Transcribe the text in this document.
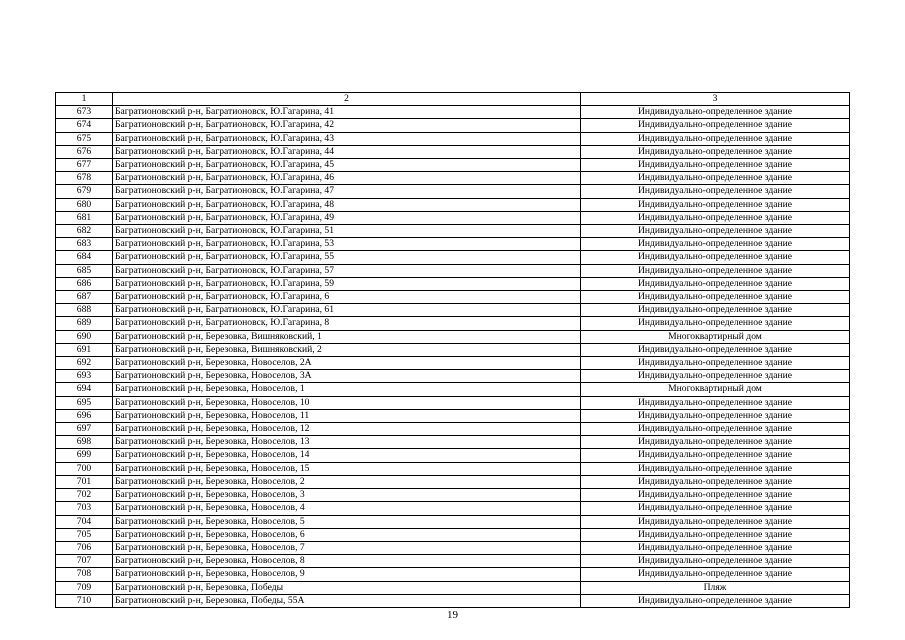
1	2	3
673	Багратионовский р-н, Багратионовск, Ю.Гагарина, 41	Индивидуально-определенное здание
674	Багратионовский р-н, Багратионовск, Ю.Гагарина, 42	Индивидуально-определенное здание
675	Багратионовский р-н, Багратионовск, Ю.Гагарина, 43	Индивидуально-определенное здание
676	Багратионовский р-н, Багратионовск, Ю.Гагарина, 44	Индивидуально-определенное здание
677	Багратионовский р-н, Багратионовск, Ю.Гагарина, 45	Индивидуально-определенное здание
678	Багратионовский р-н, Багратионовск, Ю.Гагарина, 46	Индивидуально-определенное здание
679	Багратионовский р-н, Багратионовск, Ю.Гагарина, 47	Индивидуально-определенное здание
680	Багратионовский р-н, Багратионовск, Ю.Гагарина, 48	Индивидуально-определенное здание
681	Багратионовский р-н, Багратионовск, Ю.Гагарина, 49	Индивидуально-определенное здание
682	Багратионовский р-н, Багратионовск, Ю.Гагарина, 51	Индивидуально-определенное здание
683	Багратионовский р-н, Багратионовск, Ю.Гагарина, 53	Индивидуально-определенное здание
684	Багратионовский р-н, Багратионовск, Ю.Гагарина, 55	Индивидуально-определенное здание
685	Багратионовский р-н, Багратионовск, Ю.Гагарина, 57	Индивидуально-определенное здание
686	Багратионовский р-н, Багратионовск, Ю.Гагарина, 59	Индивидуально-определенное здание
687	Багратионовский р-н, Багратионовск, Ю.Гагарина, 6	Индивидуально-определенное здание
688	Багратионовский р-н, Багратионовск, Ю.Гагарина, 61	Индивидуально-определенное здание
689	Багратионовский р-н, Багратионовск, Ю.Гагарина, 8	Индивидуально-определенное здание
690	Багратионовский р-н, Березовка, Вишняковский, 1	Многоквартирный дом
691	Багратионовский р-н, Березовка, Вишняковский, 2	Индивидуально-определенное здание
692	Багратионовский р-н, Березовка, Новоселов, 2А	Индивидуально-определенное здание
693	Багратионовский р-н, Березовка, Новоселов, 3А	Индивидуально-определенное здание
694	Багратионовский р-н, Березовка, Новоселов, 1	Многоквартирный дом
695	Багратионовский р-н, Березовка, Новоселов, 10	Индивидуально-определенное здание
696	Багратионовский р-н, Березовка, Новоселов, 11	Индивидуально-определенное здание
697	Багратионовский р-н, Березовка, Новоселов, 12	Индивидуально-определенное здание
698	Багратионовский р-н, Березовка, Новоселов, 13	Индивидуально-определенное здание
699	Багратионовский р-н, Березовка, Новоселов, 14	Индивидуально-определенное здание
700	Багратионовский р-н, Березовка, Новоселов, 15	Индивидуально-определенное здание
701	Багратионовский р-н, Березовка, Новоселов, 2	Индивидуально-определенное здание
702	Багратионовский р-н, Березовка, Новоселов, 3	Индивидуально-определенное здание
703	Багратионовский р-н, Березовка, Новоселов, 4	Индивидуально-определенное здание
704	Багратионовский р-н, Березовка, Новоселов, 5	Индивидуально-определенное здание
705	Багратионовский р-н, Березовка, Новоселов, 6	Индивидуально-определенное здание
706	Багратионовский р-н, Березовка, Новоселов, 7	Индивидуально-определенное здание
707	Багратионовский р-н, Березовка, Новоселов, 8	Индивидуально-определенное здание
708	Багратионовский р-н, Березовка, Новоселов, 9	Индивидуально-определенное здание
709	Багратионовский р-н, Березовка, Победы	Пляж
710	Багратионовский р-н, Березовка, Победы, 55А	Индивидуально-определенное здание
19
